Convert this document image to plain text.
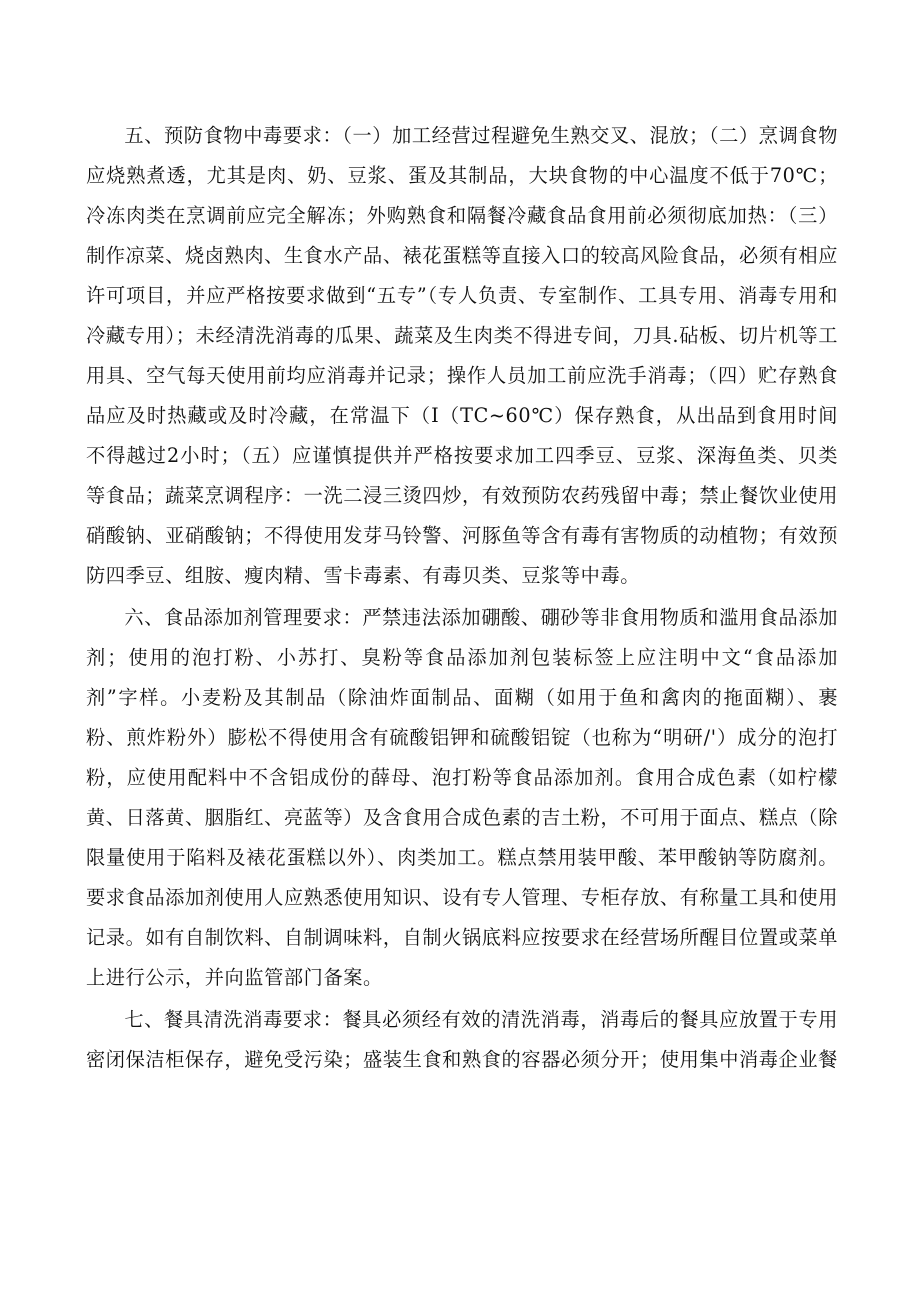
五、预防食物中毒要求：（一）加工经营过程避免生熟交叉、混放；（二）烹调食物应烧熟煮透，尤其是肉、奶、豆浆、蛋及其制品，大块食物的中心温度不低于70℃；冷冻肉类在烹调前应完全解冻；外购熟食和隔餐冷藏食品食用前必须彻底加热：（三）制作凉菜、烧卤熟肉、生食水产品、裱花蛋糕等直接入口的较高风险食品，必须有相应许可项目，并应严格按要求做到“五专”（专人负责、专室制作、工具专用、消毒专用和冷藏专用）；未经清洗消毒的瓜果、蔬菜及生肉类不得进专间，刀具.砧板、切片机等工用具、空气每天使用前均应消毒并记录；操作人员加工前应洗手消毒；（四）贮存熟食品应及时热藏或及时冷藏，在常温下（I（TC~60℃）保存熟食，从出品到食用时间不得越过2小时；（五）应谨慎提供并严格按要求加工四季豆、豆浆、深海鱼类、贝类等食品；蔬菜烹调程序：一洗二浸三烫四炒，有效预防农药残留中毒；禁止餐饮业使用硝酸钠、亚硝酸钠；不得使用发芽马铃警、河豚鱼等含有毒有害物质的动植物；有效预防四季豆、组胺、瘦肉精、雪卡毒素、有毒贝类、豆浆等中毒。

六、食品添加剂管理要求：严禁违法添加硼酸、硼砂等非食用物质和滥用食品添加剂；使用的泡打粉、小苏打、臭粉等食品添加剂包装标签上应注明中文“食品添加剂”字样。小麦粉及其制品（除油炸面制品、面糊（如用于鱼和禽肉的拖面糊）、裹粉、煎炸粉外）膨松不得使用含有硫酸铝钾和硫酸铝锭（也称为“明研/'）成分的泡打粉，应使用配料中不含铝成份的薛母、泡打粉等食品添加剂。食用合成色素（如柠檬黄、日落黄、胭脂红、亮蓝等）及含食用合成色素的吉土粉，不可用于面点、糕点（除限量使用于陷料及裱花蛋糕以外）、肉类加工。糕点禁用装甲酸、苯甲酸钠等防腐剂。要求食品添加剂使用人应熟悉使用知识、设有专人管理、专柜存放、有称量工具和使用记录。如有自制饮料、自制调味料，自制火锅底料应按要求在经营场所醒目位置或菜单上进行公示，并向监管部门备案。

七、餐具清洗消毒要求：餐具必须经有效的清洗消毒，消毒后的餐具应放置于专用密闭保洁柜保存，避免受污染；盛装生食和熟食的容器必须分开；使用集中消毒企业餐
